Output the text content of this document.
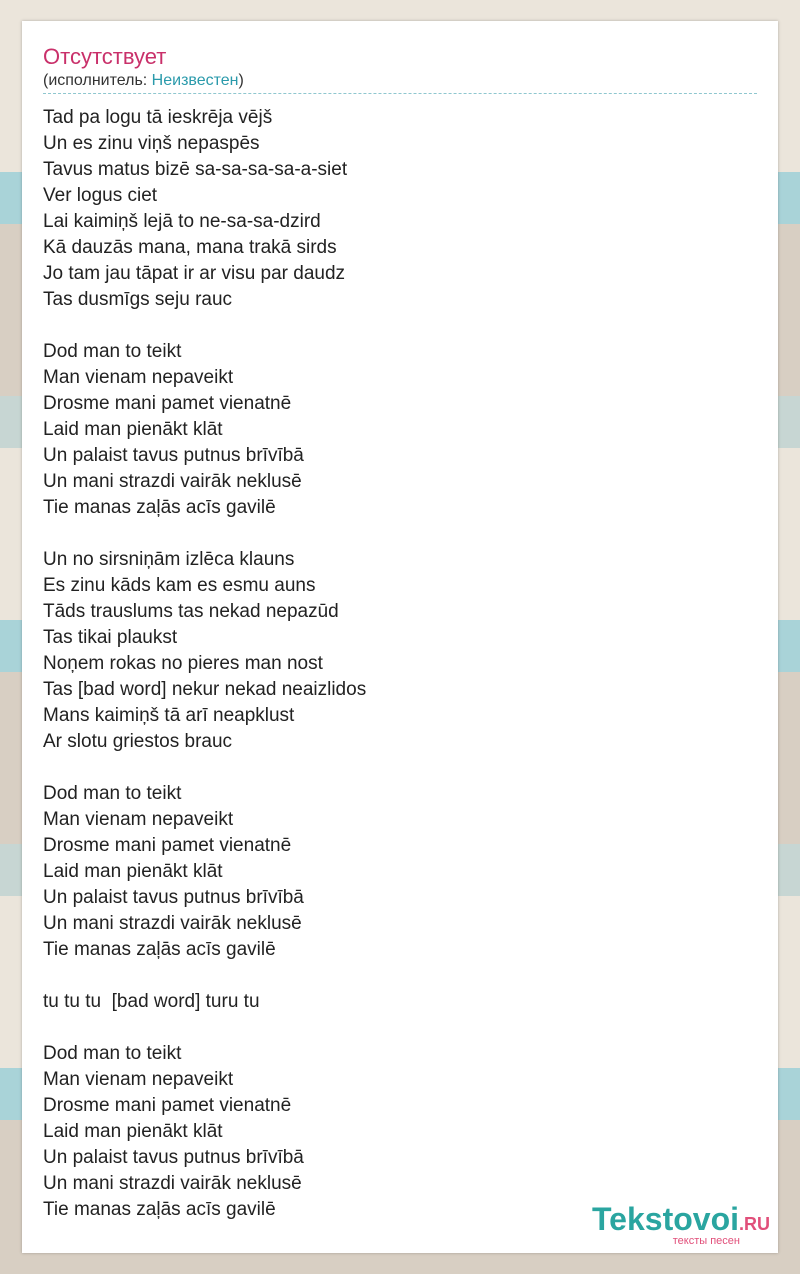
Отсутствует
(исполнитель: Неизвестен)
Tad pa logu tā ieskrēja vējš
Un es zinu viņš nepaspēs
Tavus matus bizē sa-sa-sa-sa-a-siet
Ver logus ciet
Lai kaimiņš lejā to ne-sa-sa-dzird
Kā dauzās mana, mana trakā sirds
Jo tam jau tāpat ir ar visu par daudz
Tas dusmīgs seju rauc

Dod man to teikt
Man vienam nepaveikt
Drosme mani pamet vienatnē
Laid man pienākt klāt
Un palaist tavus putnus brīvībā
Un mani strazdi vairāk neklusē
Tie manas zaļās acīs gavilē

Un no sirsniņām izlēca klauns
Es zinu kāds kam es esmu auns
Tāds trauslums tas nekad nepazūd
Tas tikai plaukst
Noņem rokas no pieres man nost
Tas [bad word] nekur nekad neaizlidos
Mans kaimiņš tā arī neapklust
Ar slotu griestos brauc

Dod man to teikt
Man vienam nepaveikt
Drosme mani pamet vienatnē
Laid man pienākt klāt
Un palaist tavus putnus brīvībā
Un mani strazdi vairāk neklusē
Tie manas zaļās acīs gavilē

tu tu tu  [bad word] turu tu

Dod man to teikt
Man vienam nepaveikt
Drosme mani pamet vienatnē
Laid man pienākt klāt
Un palaist tavus putnus brīvībā
Un mani strazdi vairāk neklusē
Tie manas zaļās acīs gavilē	Tekstovoi.RU
тексты песен
